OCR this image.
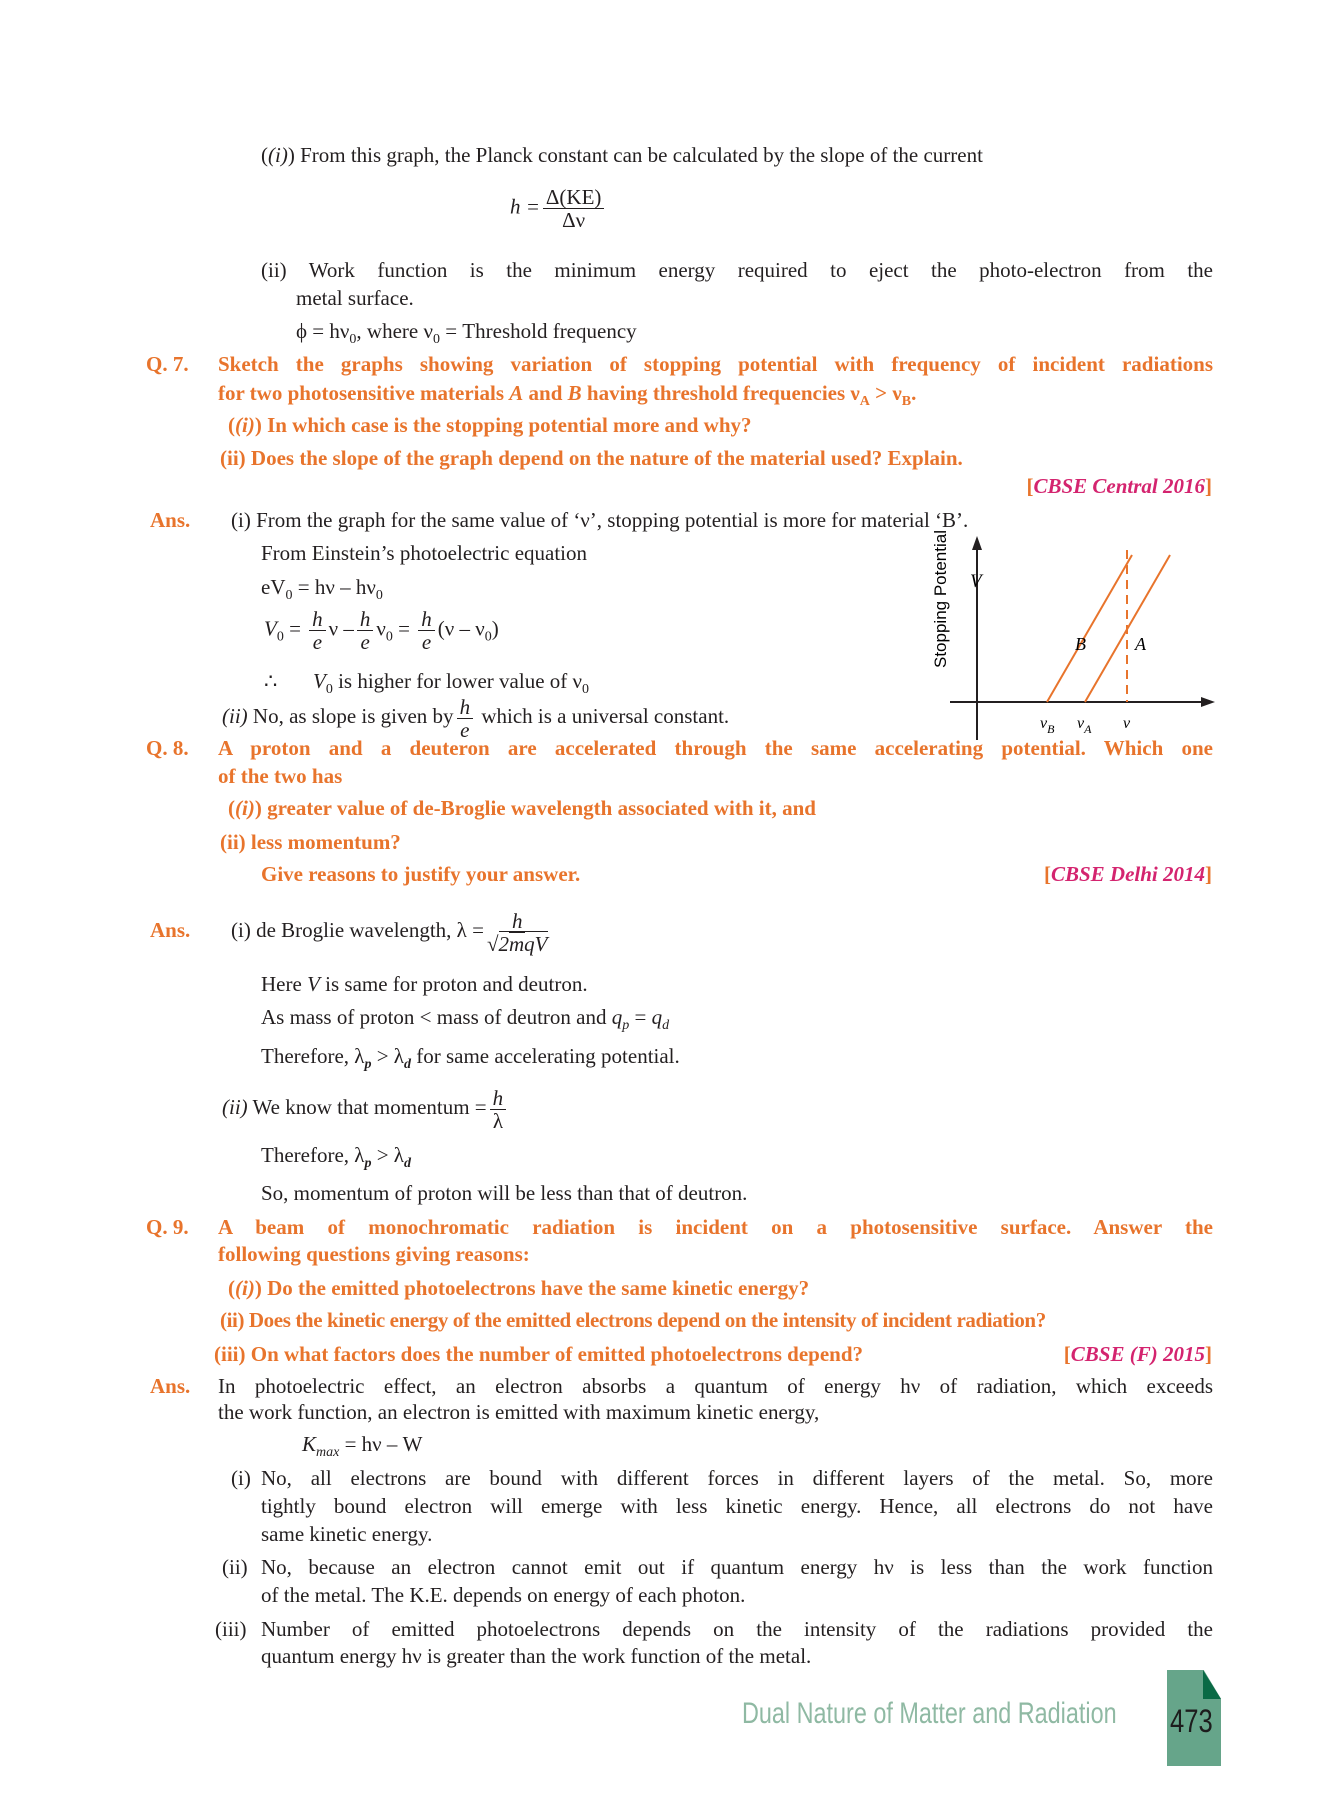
((i)) From this graph, the Planck constant can be calculated by the slope of the current
$h = \frac{\Delta(KE)}{\Delta\nu}$
(ii) Work function is the minimum energy required to eject the photo-electron from the
metal surface.
$\phi = h\nu_0$, where $\nu_0$ = Threshold frequency
Q. 7. Sketch the graphs showing variation of stopping potential with frequency of incident radiations
for two photosensitive materials A and B having threshold frequencies $\nu_A > \nu_B$.
((i)) In which case is the stopping potential more and why?
(ii) Does the slope of the graph depend on the nature of the material used? Explain.
[CBSE Central 2016]
Ans. (i) From the graph for the same value of ‘ν’, stopping potential is more for material ‘B’.
From Einstein’s photoelectric equation
$eV_0 = h\nu - h\nu_0$
$V_0 = \frac{h}{e}$ $\nu - \frac{h}{e} \nu_0 = \frac{h}{e} (\nu - \nu_0)$
∴ $V_0$ is higher for lower value of $\nu_0$
(ii) No, as slope is given by $\frac{h}{e}$ which is a universal constant.
V
Stopping Potential	B	A
$\nu_B$ $\nu_A$ ν
Q. 8. A proton and a deuteron are accelerated through the same accelerating potential. Which one
of the two has
((i)) greater value of de-Broglie wavelength associated with it, and
(ii) less momentum?
Give reasons to justify your answer.	[CBSE Delhi 2014]
Ans. (i) de Broglie wavelength, $\lambda = \frac{h}{\text{√2mqV}}$
Here V is same for proton and deutron.
As mass of proton < mass of deutron and $q_p = q_d$
Therefore, $\lambda_p > \lambda_d$ for same accelerating potential.
(ii) We know that momentum = $\frac{h}{\lambda}$
Therefore, $\lambda_p > \lambda_d$
So, momentum of proton will be less than that of deutron.
Q. 9. A beam of monochromatic radiation is incident on a photosensitive surface. Answer the
following questions giving reasons:
((i)) Do the emitted photoelectrons have the same kinetic energy?
(ii) Does the kinetic energy of the emitted electrons depend on the intensity of incident radiation?
(iii) On what factors does the number of emitted photoelectrons depend?	[CBSE (F) 2015]
Ans. In photoelectric effect, an electron absorbs a quantum of energy hν of radiation, which exceeds
the work function, an electron is emitted with maximum kinetic energy,
$K_{max} = h\nu - W$
(i) No, all electrons are bound with different forces in different layers of the metal. So, more
tightly bound electron will emerge with less kinetic energy. Hence, all electrons do not have
same kinetic energy.
(ii) No, because an electron cannot emit out if quantum energy hν is less than the work function
of the metal. The K.E. depends on energy of each photon.
(iii) Number of emitted photoelectrons depends on the intensity of the radiations provided the
quantum energy hν is greater than the work function of the metal.
Dual Nature of Matter and Radiation 473
